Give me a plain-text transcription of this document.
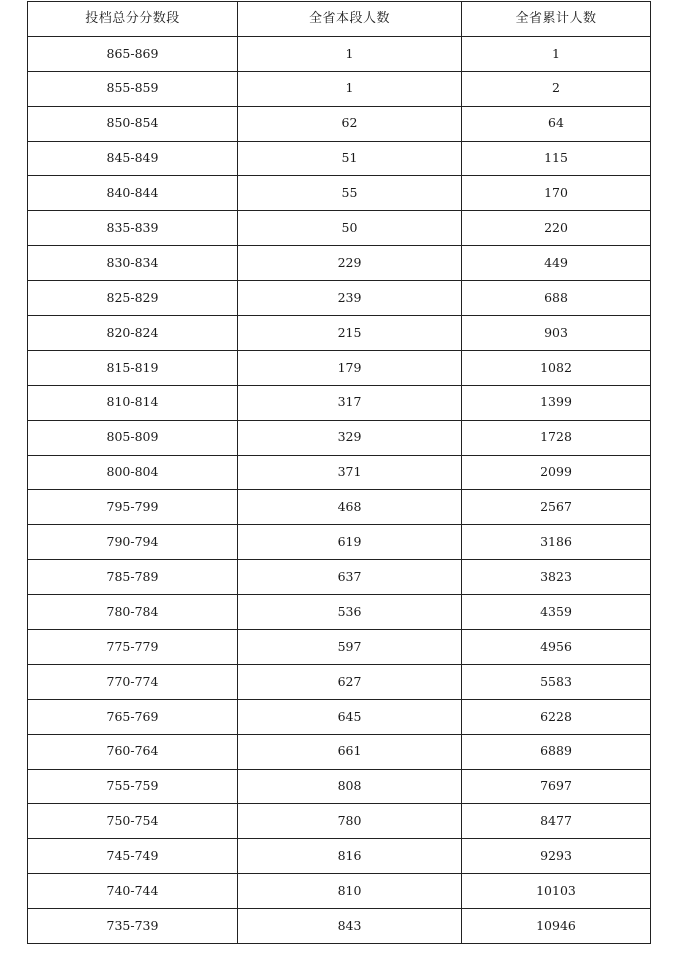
投档总分分数段	全省本段人数	全省累计人数
865-869	1	1
855-859	1	2
850-854	62	64
845-849	51	115
840-844	55	170
835-839	50	220
830-834	229	449
825-829	239	688
820-824	215	903
815-819	179	1082
810-814	317	1399
805-809	329	1728
800-804	371	2099
795-799	468	2567
790-794	619	3186
785-789	637	3823
780-784	536	4359
775-779	597	4956
770-774	627	5583
765-769	645	6228
760-764	661	6889
755-759	808	7697
750-754	780	8477
745-749	816	9293
740-744	810	10103
735-739	843	10946
